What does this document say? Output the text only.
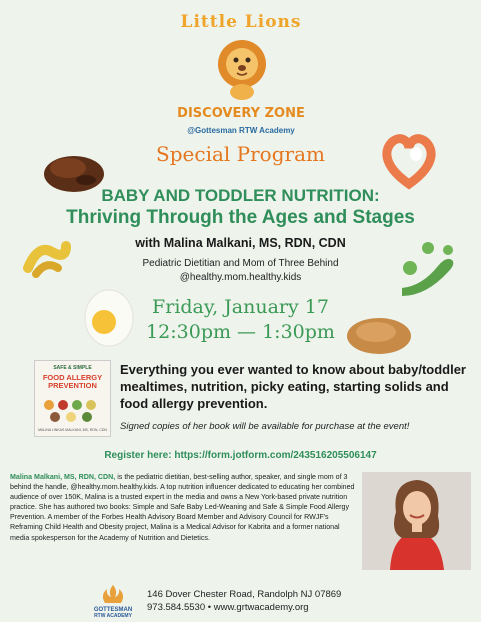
Little Lions
DISCOVERY ZONE
@Gottesman RTW Academy
Special Program
BABY AND TODDLER NUTRITION:
Thriving Through the Ages and Stages
with Malina Malkani, MS, RDN, CDN
Pediatric Dietitian and Mom of Three Behind
@healthy.mom.healthy.kids
Friday, January 17
12:30pm — 1:30pm
SAFE & SIMPLE
FOOD ALLERGY
PREVENTION
MALINA LINKAS MALKANI, MS, RDN, CDN
Everything you ever wanted to know about baby/toddler mealtimes, nutrition, picky eating, starting solids and food allergy prevention.
Signed copies of her book will be available for purchase at the event!
Register here: https://form.jotform.com/243516205506147
Malina Malkani, MS, RDN, CDN, is the pediatric dietitian, best-selling author, speaker, and single mom of 3 behind the handle, @healthy.mom.healthy.kids. A top nutrition influencer dedicated to educating her combined audience of over 150K, Malina is a trusted expert in the media and owns a New York-based private nutrition practice. She has authored two books: Simple and Safe Baby Led-Weaning and Safe & Simple Food Allergy Prevention. A member of the Forbes Health Advisory Board Member and Advisory Council for RWJF's Reframing Child Health and Obesity project, Malina is a Medical Advisor for Kabrita and a former national media spokesperson for the Academy of Nutrition and Dietetics.
GOTTESMAN
RTW ACADEMY
146 Dover Chester Road, Randolph NJ 07869
973.584.5530 • www.grtwacademy.org
